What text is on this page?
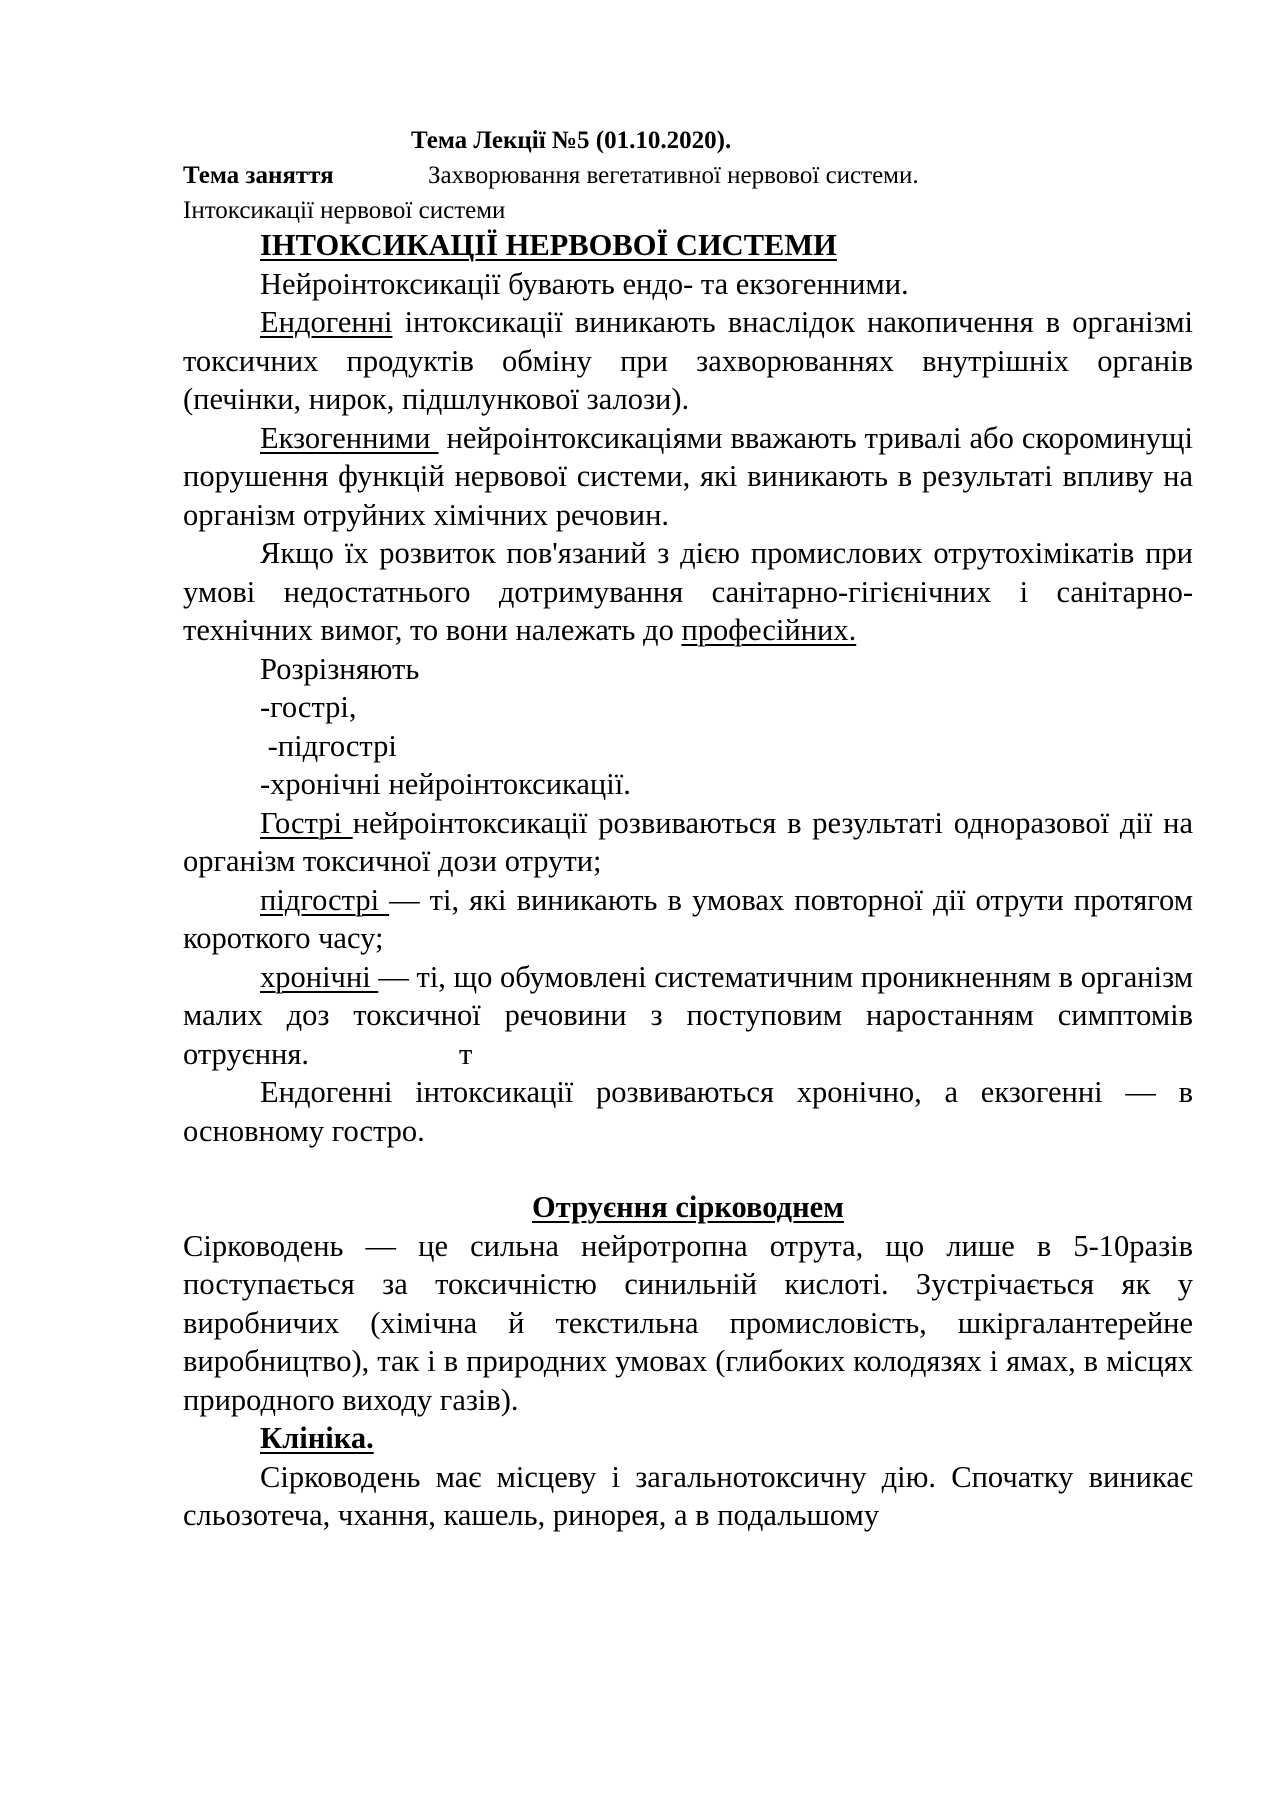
Тема Лекції №5 (01.10.2020).
Тема заняття	Захворювання вегетативної нервової системи.
Інтоксикації нервової системи

ІНТОКСИКАЦІЇ НЕРВОВОЇ СИСТЕМИ

Нейроінтоксикації бувають ендо- та екзогенними.

Ендогенні інтоксикації виникають внаслідок накопичення в організмі токсичних продуктів обміну при захворюваннях внутрішніх органів (печінки, нирок, підшлункової залози).

Екзогенними  нейроінтоксикаціями вважають тривалі або скороминущі порушення функцій нервової системи, які виникають в результаті впливу на організм отруйних хімічних речовин.

Якщо їх розвиток пов'язаний з дією промислових отрутохімікатів при умові недостатнього дотримування санітарно-гігієнічних і санітарно-технічних вимог, то вони належать до професійних.

Розрізняють

-гострі,

-підгострі

-хронічні нейроінтоксикації.

Гострі нейроінтоксикації розвиваються в результаті одноразової дії на організм токсичної дози отрути;

підгострі — ті, які виникають в умовах повторної дії отрути протягом короткого часу;

хронічні — ті, що обумовлені систематичним проникненням в організм малих доз токсичної речовини з поступовим наростанням симптомів отруєння.	т

Ендогенні інтоксикації розвиваються хронічно, а екзогенні — в основному гостро.

Отруєння сірководнем

Сірководень — це сильна нейротропна отрута, що лише в 5-10разів поступається за токсичністю синильній кислоті. Зустрічається як у виробничих (хімічна й текстильна промисловість, шкіргалантерейне виробництво), так і в природних умовах (глибоких колодязях і ямах, в місцях природного виходу газів).

Клініка.

Сірководень має місцеву і загальнотоксичну дію. Спочатку виникає сльозотеча, чхання, кашель, ринорея, а в подальшому
